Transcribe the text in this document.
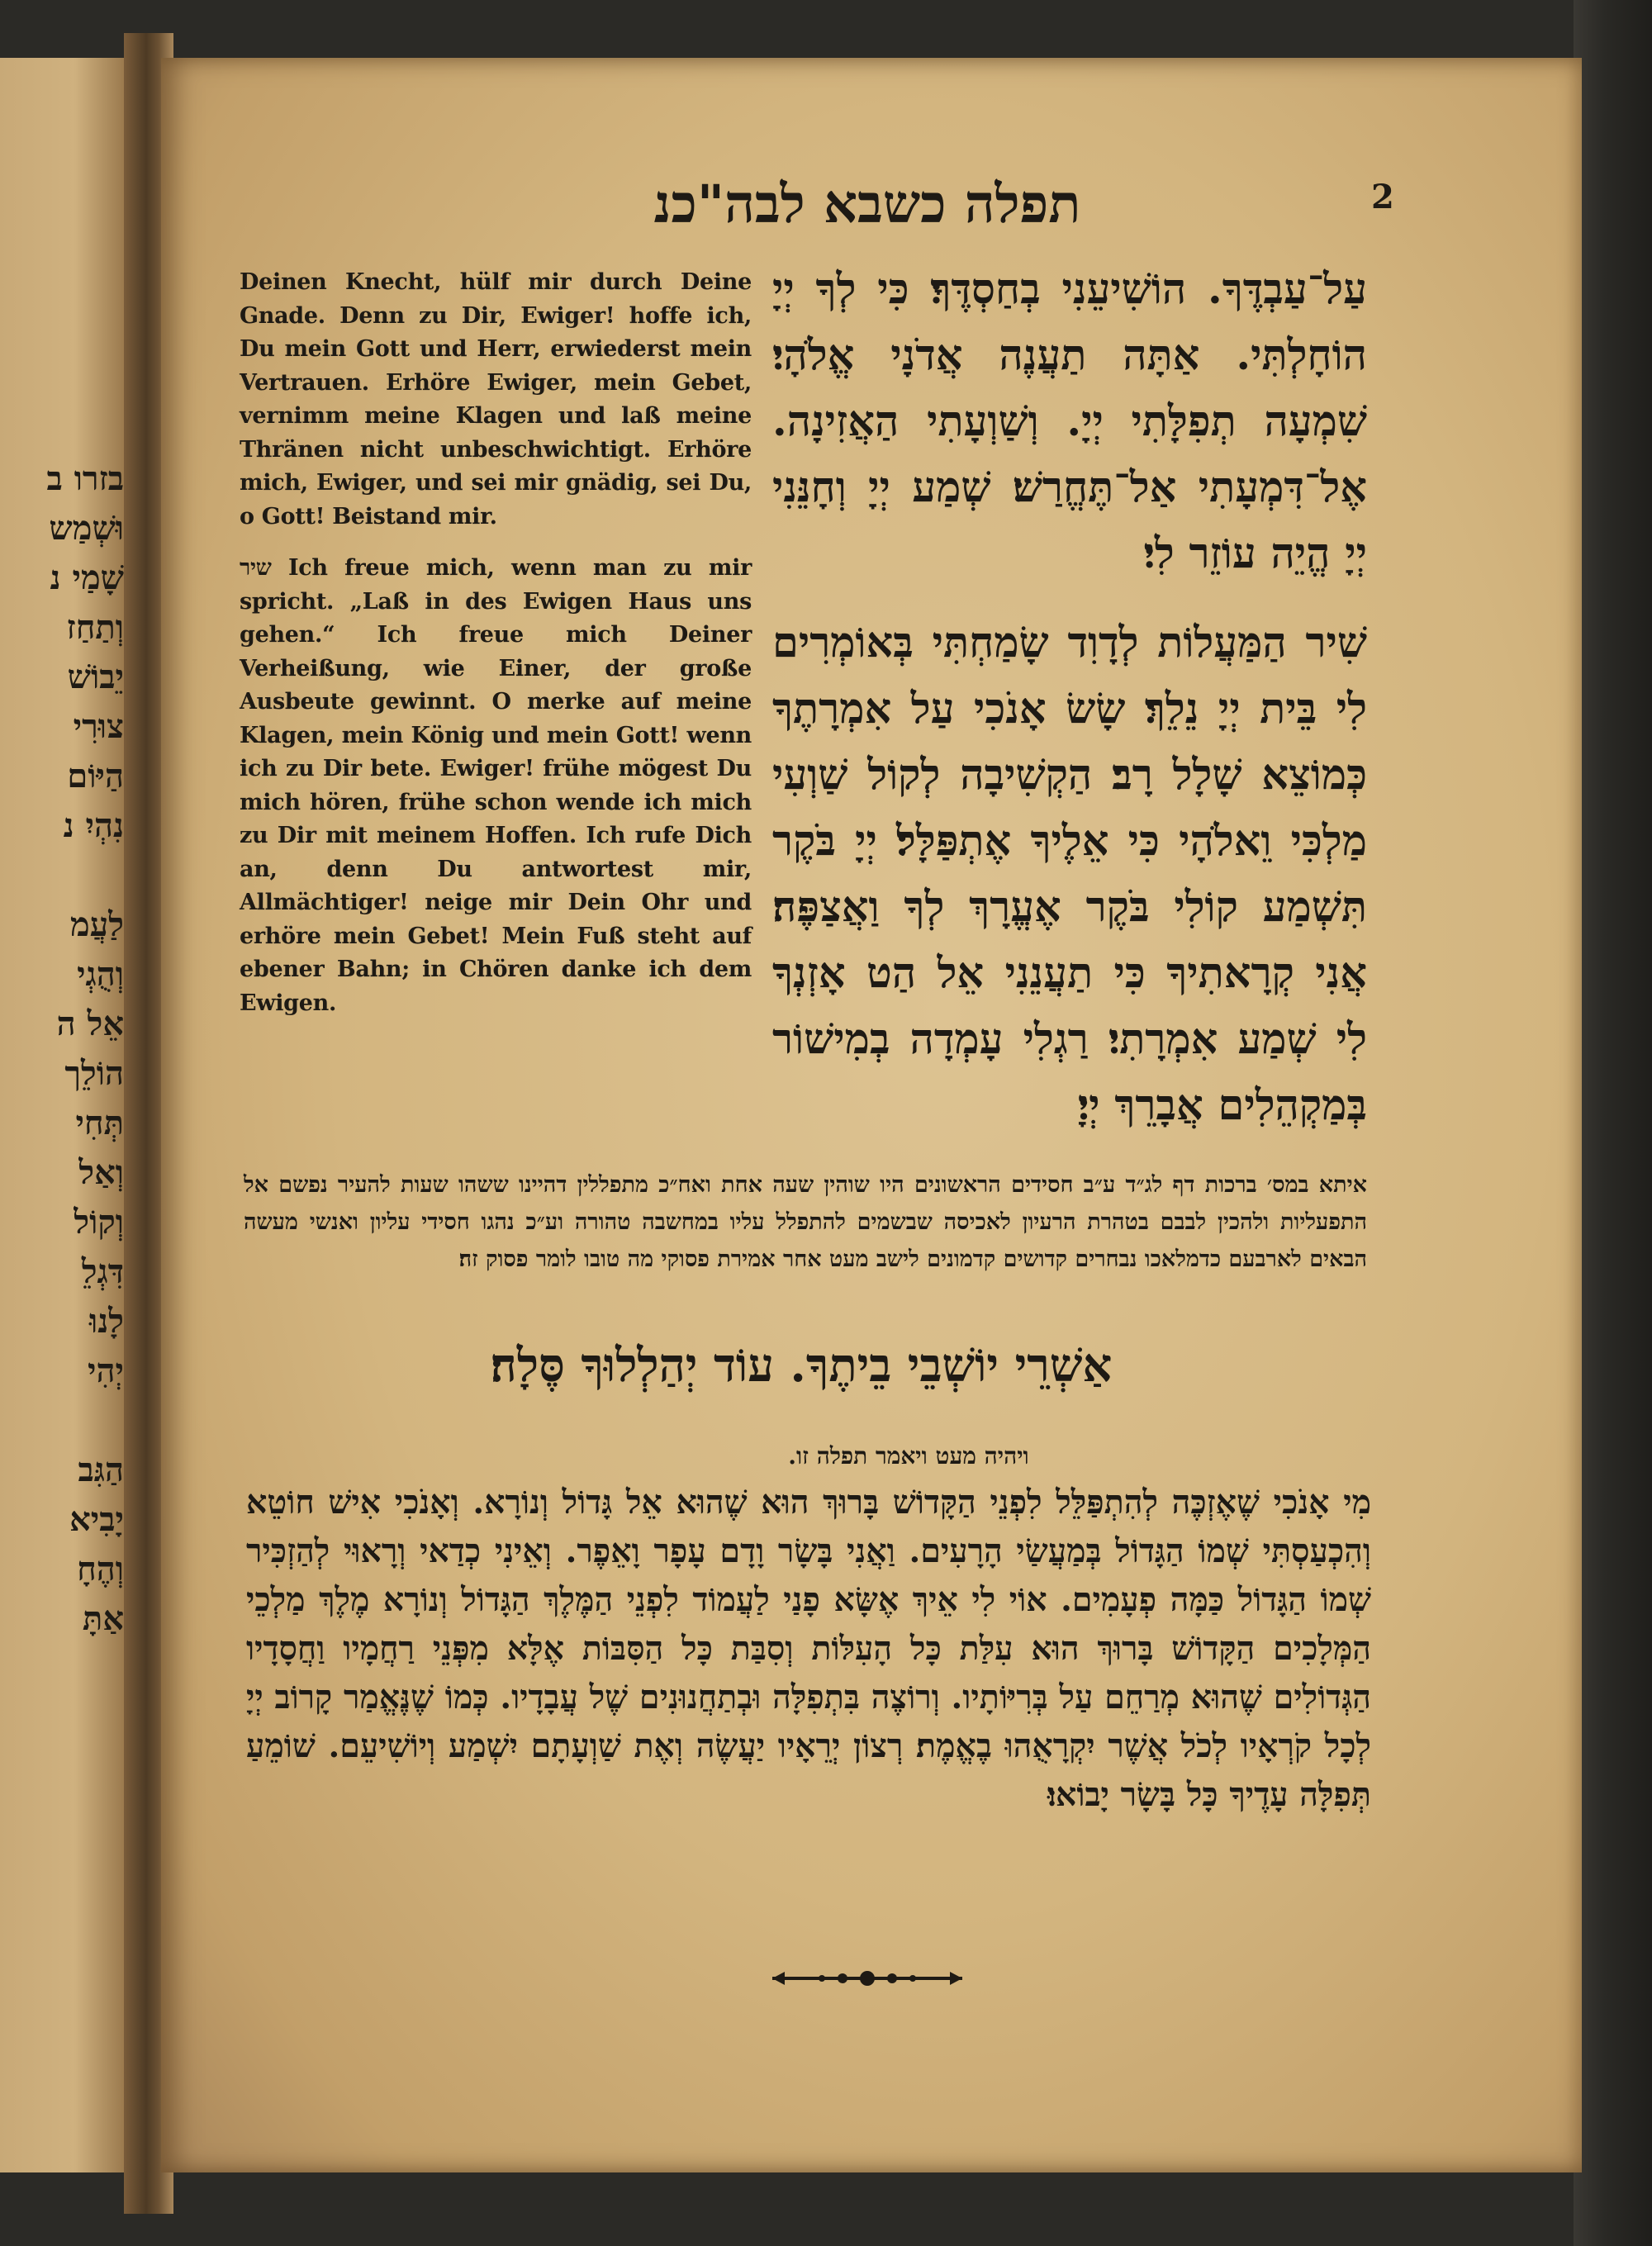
בזרו ב
וּשְׁמַש
שָׁמַי נ
וְתַחַז
יֵבוֹשׁ
צוּרִי
הַיּוֹם
נִהְיִ נ

לַעֲמ
וְהֻגְי
אֵל ה
הוֹלֵך
תְּחִי
וְאַל
וְקוֹל
דִּגְלֵ
לָנוּ
יְהִי

הַגִּב
יָבִיא
וְהֶחָ
אַתָּ
2
תפלה כשבא לבה"כנ
עַל־עַבְדֶּךָ. הוֹשִׁיעֵנִי בְחַסְדֶּךָ׃ כִּי לְךָ יְיָ הוֹחָלְתִּי. אַתָּה תַעֲנֶה אֲדֹנָי אֱלֹהָי׃ שִׁמְעָה תְפִלָּתִי יְיָ. וְשַׁוְעָתִי הַאֲזִינָה. אֶל־דִּמְעָתִי אַל־תֶּחֱרַשׁ׃ שְׁמַע יְיָ וְחָנֵּנִי יְיָ הֱיֵה עוֹזֵר לִי׃
שִׁיר הַמַּעֲלוֹת לְדָוִד שָׂמַחְתִּי בְּאוֹמְרִים לִי בֵּית יְיָ נֵלֵךְ׃ שָׂשׂ אָנֹכִי עַל אִמְרָתֶךָ כְּמוֹצֵא שָׁלָל רָב׃ הַקְשִׁיבָה לְקוֹל שַׁוְעִי מַלְכִּי וֵאלֹהָי כִּי אֵלֶיךָ אֶתְפַּלָּל׃ יְיָ בֹּקֶר תִּשְׁמַע קוֹלִי בֹּקֶר אֶעֱרָךְ לְךָ וַאֲצַפֶּה׃ אֲנִי קְרָאתִיךָ כִּי תַעֲנֵנִי אֵל הַט אָזְנְךָ לִי שְׁמַע אִמְרָתִי׃ רַגְלִי עָמְדָה בְמִישׁוֹר בְּמַקְהֵלִים אֲבָרֵךְ יְיָ׃

Deinen Knecht, hülf mir durch Deine Gnade. Denn zu Dir, Ewiger! hoffe ich, Du mein Gott und Herr, erwiederst mein Vertrauen. Erhöre Ewiger, mein Gebet, vernimm meine Klagen und laß meine Thränen nicht unbeschwichtigt. Erhöre mich, Ewiger, und sei mir gnädig, sei Du, o Gott! Beistand mir.

שיר Ich freue mich, wenn man zu mir spricht. „Laß in des Ewigen Haus uns gehen.“ Ich freue mich Deiner Verheißung, wie Einer, der große Ausbeute gewinnt. O merke auf meine Klagen, mein König und mein Gott! wenn ich zu Dir bete. Ewiger! frühe mögest Du mich hören, frühe schon wende ich mich zu Dir mit meinem Hoffen. Ich rufe Dich an, denn Du antwortest mir, Allmächtiger! neige mir Dein Ohr und erhöre mein Gebet! Mein Fuß steht auf ebener Bahn; in Chören danke ich dem Ewigen.

איתא במס׳ ברכות דף לג״ד ע״ב חסידים הראשונים היו שוהין שעה אחת ואח״כ מתפללין דהיינו ששהו שעות להעיר נפשם אל התפעליות ולהכין לבבם בטהרת הרעיון לאכיסה שבשמים להתפלל עליו במחשבה טהורה וע״כ נהגו חסידי עליון ואנשי מעשה הבאים לארבעם כדמלאכו נבחרים קדושים קדמונים לישב מעט אחר אמירת פסוקי מה טובו לומר פסוק זה׃
אַשְׁרֵי יוֹשְׁבֵי בֵיתֶךָ. עוֹד יְהַלְלוּךָ סֶּלָה׃
ויהיה מעט ויאמר תפלה זו.
מִי אָנֹכִי שֶׁאֶזְכֶּה לְהִתְפַּלֵּל לִפְנֵי הַקָּדוֹשׁ בָּרוּךְ הוּא שֶׁהוּא אֵל גָּדוֹל וְנוֹרָא. וְאָנֹכִי אִישׁ חוֹטֵא וְהִכְעַסְתִּי שְׁמוֹ הַגָּדוֹל בְּמַעֲשַׂי הָרָעִים. וַאֲנִי בָּשָׂר וָדָם עָפָר וָאֵפֶר. וְאֵינִי כְדַאי וְרָאוּי לְהַזְכִּיר שְׁמוֹ הַגָּדוֹל כַּמָּה פְעָמִים. אוֹי לִי אֵיךְ אֶשָּׂא פָנַי לַעֲמוֹד לִפְנֵי הַמֶּלֶךְ הַגָּדוֹל וְנוֹרָא מֶלֶךְ מַלְכֵי הַמְּלָכִים הַקָּדוֹשׁ בָּרוּךְ הוּא עִלַּת כָּל הָעִלּוֹת וְסִבַּת כָּל הַסִּבּוֹת אֶלָּא מִפְּנֵי רַחֲמָיו וַחֲסָדָיו הַגְּדוֹלִים שֶׁהוּא מְרַחֵם עַל בְּרִיּוֹתָיו. וְרוֹצֶה בִּתְפִלָּה וּבְתַחֲנוּנִים שֶׁל עֲבָדָיו. כְּמוֹ שֶׁנֶּאֱמַר קָרוֹב יְיָ לְכָל קֹרְאָיו לְכֹל אֲשֶׁר יִקְרָאֻהוּ בֶאֱמֶת׃ רְצוֹן יְרֵאָיו יַעֲשֶׂה וְאֶת שַׁוְעָתָם יִשְׁמַע וְיוֹשִׁיעֵם. שׁוֹמֵעַ תְּפִלָּה עָדֶיךָ כָּל בָּשָׂר יָבוֹאוּ׃
